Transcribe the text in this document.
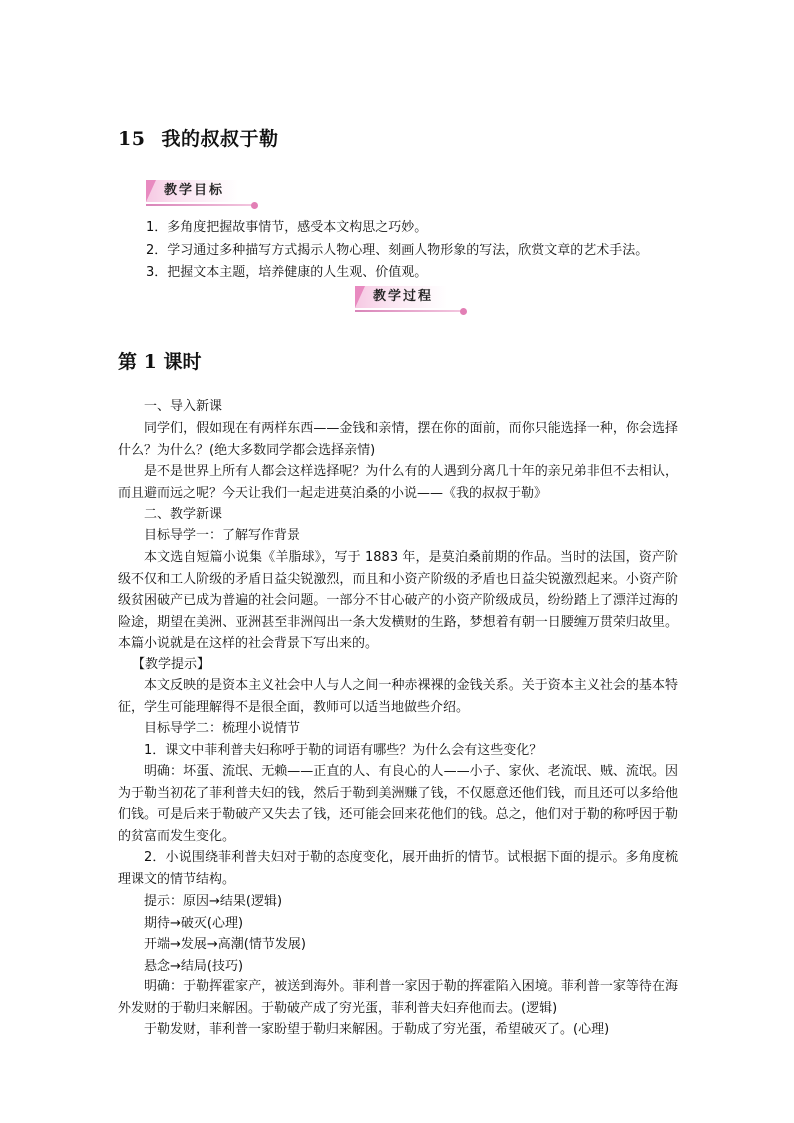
15 我的叔叔于勒
教学目标
1．多角度把握故事情节，感受本文构思之巧妙。
2．学习通过多种描写方式揭示人物心理、刻画人物形象的写法，欣赏文章的艺术手法。
3．把握文本主题，培养健康的人生观、价值观。
教学过程
第 1 课时
一、导入新课
同学们，假如现在有两样东西——金钱和亲情，摆在你的面前，而你只能选择一种，你会选择什么？为什么？(绝大多数同学都会选择亲情)
是不是世界上所有人都会这样选择呢？为什么有的人遇到分离几十年的亲兄弟非但不去相认，而且避而远之呢？今天让我们一起走进莫泊桑的小说——《我的叔叔于勒》
二、教学新课
目标导学一：了解写作背景
本文选自短篇小说集《羊脂球》，写于 1883 年，是莫泊桑前期的作品。当时的法国，资产阶级不仅和工人阶级的矛盾日益尖锐激烈，而且和小资产阶级的矛盾也日益尖锐激烈起来。小资产阶级贫困破产已成为普遍的社会问题。一部分不甘心破产的小资产阶级成员，纷纷踏上了漂洋过海的险途，期望在美洲、亚洲甚至非洲闯出一条大发横财的生路，梦想着有朝一日腰缠万贯荣归故里。本篇小说就是在这样的社会背景下写出来的。
【教学提示】
本文反映的是资本主义社会中人与人之间一种赤裸裸的金钱关系。关于资本主义社会的基本特征，学生可能理解得不是很全面，教师可以适当地做些介绍。
目标导学二：梳理小说情节
1．课文中菲利普夫妇称呼于勒的词语有哪些？为什么会有这些变化？
明确：坏蛋、流氓、无赖——正直的人、有良心的人——小子、家伙、老流氓、贼、流氓。因为于勒当初花了菲利普夫妇的钱，然后于勒到美洲赚了钱，不仅愿意还他们钱，而且还可以多给他们钱。可是后来于勒破产又失去了钱，还可能会回来花他们的钱。总之，他们对于勒的称呼因于勒的贫富而发生变化。
2．小说围绕菲利普夫妇对于勒的态度变化，展开曲折的情节。试根据下面的提示。多角度梳理课文的情节结构。
提示：原因→结果(逻辑)
期待→破灭(心理)
开端→发展→高潮(情节发展)
悬念→结局(技巧)
明确：于勒挥霍家产，被送到海外。菲利普一家因于勒的挥霍陷入困境。菲利普一家等待在海外发财的于勒归来解困。于勒破产成了穷光蛋，菲利普夫妇弃他而去。(逻辑)
于勒发财，菲利普一家盼望于勒归来解困。于勒成了穷光蛋，希望破灭了。(心理)
